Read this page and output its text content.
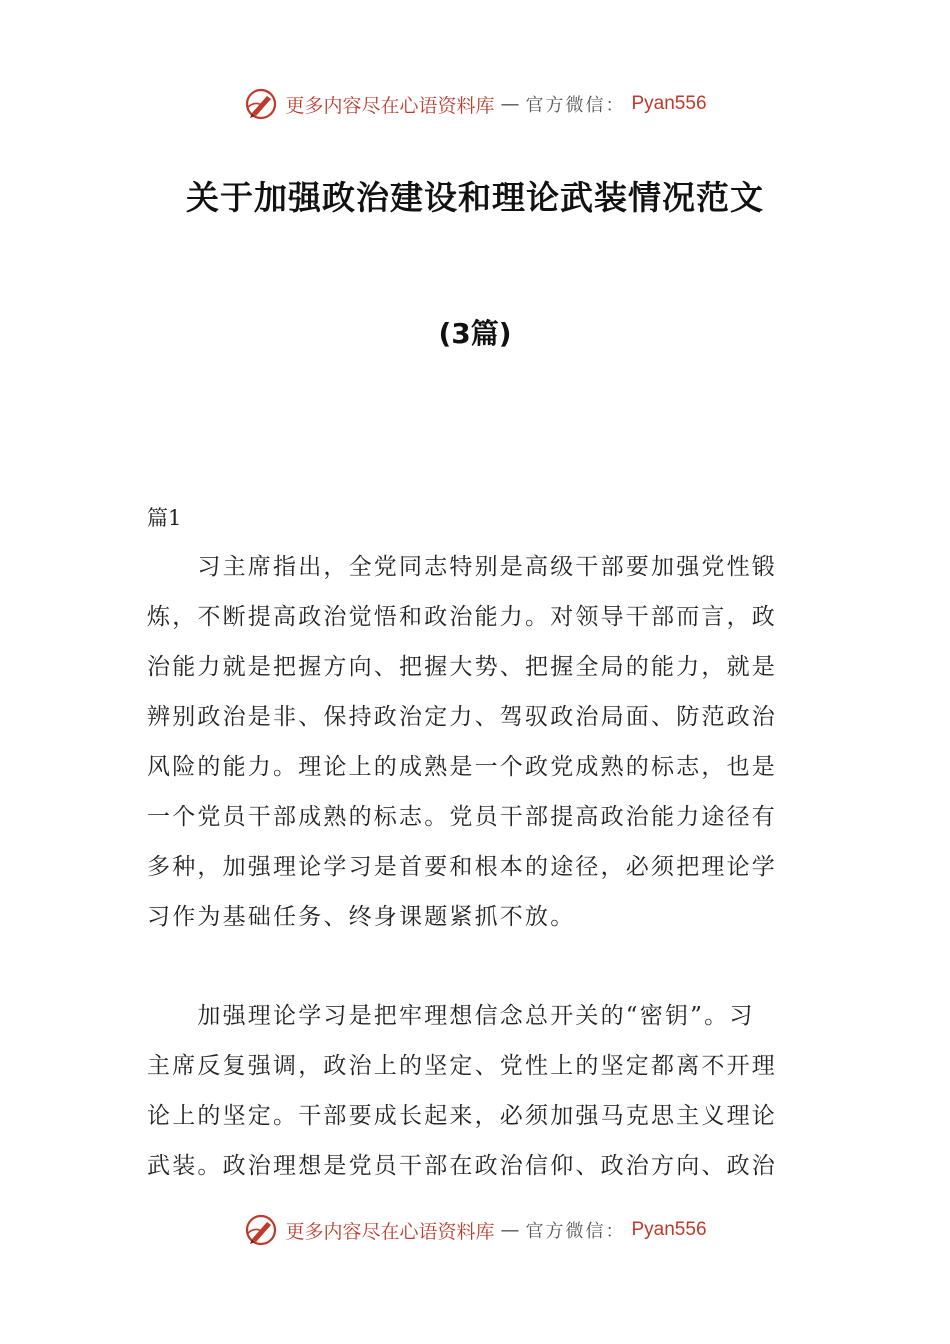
更多内容尽在心语资料库 — 官方微信： Pyan556
关于加强政治建设和理论武装情况范文
(3篇)
篇1
　　习主席指出，全党同志特别是高级干部要加强党性锻
炼，不断提高政治觉悟和政治能力。对领导干部而言，政
治能力就是把握方向、把握大势、把握全局的能力，就是
辨别政治是非、保持政治定力、驾驭政治局面、防范政治
风险的能力。理论上的成熟是一个政党成熟的标志，也是
一个党员干部成熟的标志。党员干部提高政治能力途径有
多种，加强理论学习是首要和根本的途径，必须把理论学
习作为基础任务、终身课题紧抓不放。
　　加强理论学习是把牢理想信念总开关的“密钥”。习
主席反复强调，政治上的坚定、党性上的坚定都离不开理
论上的坚定。干部要成长起来，必须加强马克思主义理论
武装。政治理想是党员干部在政治信仰、政治方向、政治
更多内容尽在心语资料库 — 官方微信： Pyan556
